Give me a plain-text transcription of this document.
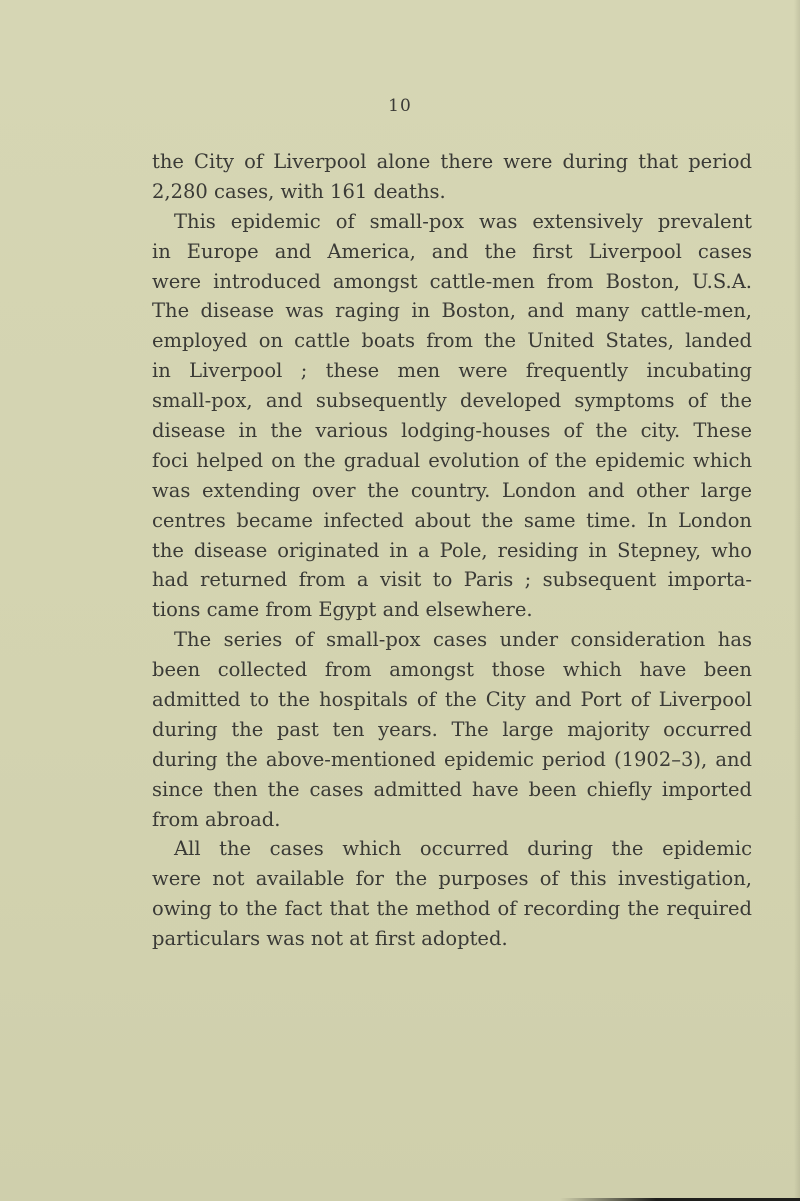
10
the City of Liverpool alone there were during that period
2,280 cases, with 161 deaths.
This epidemic of small-pox was extensively prevalent
in Europe and America, and the first Liverpool cases
were introduced amongst cattle-men from Boston, U.S.A.
The disease was raging in Boston, and many cattle-men,
employed on cattle boats from the United States, landed
in Liverpool ; these men were frequently incubating
small-pox, and subsequently developed symptoms of the
disease in the various lodging-houses of the city. These
foci helped on the gradual evolution of the epidemic which
was extending over the country. London and other large
centres became infected about the same time. In London
the disease originated in a Pole, residing in Stepney, who
had returned from a visit to Paris ; subsequent importa-
tions came from Egypt and elsewhere.
The series of small-pox cases under consideration has
been collected from amongst those which have been
admitted to the hospitals of the City and Port of Liverpool
during the past ten years. The large majority occurred
during the above-mentioned epidemic period (1902–3), and
since then the cases admitted have been chiefly imported
from abroad.
All the cases which occurred during the epidemic
were not available for the purposes of this investigation,
owing to the fact that the method of recording the required
particulars was not at first adopted.
